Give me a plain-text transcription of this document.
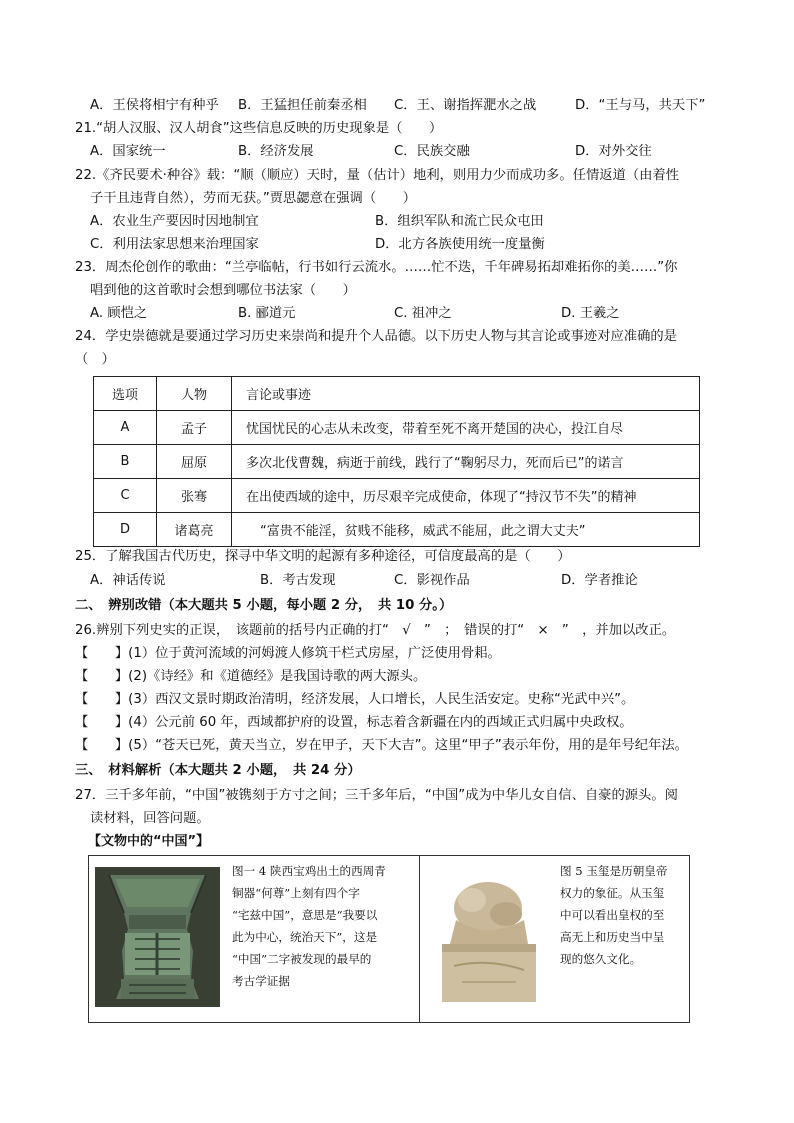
A．王侯将相宁有种乎 B．王猛担任前秦丞相 C．王、谢指挥淝水之战	D．“王与马，共天下”
21.“胡人汉服、汉人胡食”这些信息反映的历史现象是（　　）
A．国家统一	B．经济发展	C．民族交融	D．对外交往
22.《齐民要术·种谷》载：“顺（顺应）天时，量（估计）地利，则用力少而成功多。任情返道（由着性
子干且违背自然），劳而无获。”贾思勰意在强调（　　）
A．农业生产要因时因地制宜	B．组织军队和流亡民众屯田
C．利用法家思想来治理国家	D．北方各族使用统一度量衡
23．周杰伦创作的歌曲：“兰亭临帖，行书如行云流水。……忙不迭，千年碑易拓却难拓你的美……”你
唱到他的这首歌时会想到哪位书法家（　　）
A. 顾恺之	B. 郦道元	C. 祖冲之	D. 王羲之
24．学史崇德就是要通过学习历史来崇尚和提升个人品德。以下历史人物与其言论或事迹对应准确的是
（　）
选项	人物	言论或事迹
A	孟子	忧国忧民的心志从未改变，带着至死不离开楚国的决心，投江自尽
B	屈原	多次北伐曹魏，病逝于前线，践行了“鞠躬尽力，死而后已”的诺言
C	张骞	在出使西域的途中，历尽艰辛完成使命，体现了“持汉节不失”的精神
D	诸葛亮	“富贵不能淫，贫贱不能移，威武不能屈，此之谓大丈夫”
25．了解我国古代历史，探寻中华文明的起源有多种途径，可信度最高的是（　　）
A．神话传说	B．考古发现	C．影视作品	D．学者推论
二、　辨别改错（本大题共 5 小题，每小题 2 分，　共 10 分。）
26.辨别下列史实的正误，　该题前的括号内正确的打“　√　”　；　错误的打“　×　”　，并加以改正。
【　　】(1）位于黄河流域的河姆渡人修筑干栏式房屋，广泛使用骨耜。
【　　】(2)《诗经》和《道德经》是我国诗歌的两大源头。
【　　】(3）西汉文景时期政治清明，经济发展，人口增长，人民生活安定。史称“光武中兴”。
【　　】(4）公元前 60 年，西域都护府的设置，标志着含新疆在内的西域正式归属中央政权。
【　　】(5）“苍天已死，黄天当立，岁在甲子，天下大吉”。这里“甲子”表示年份，用的是年号纪年法。
三、　材料解析（本大题共 2 小题，　共 24 分）
27．三千多年前，“中国”被镌刻于方寸之间；三千多年后，“中国”成为中华儿女自信、自豪的源头。阅
读材料，回答问题。
【文物中的“中国”】
图一 4 陕西宝鸡出土的西周青
铜器“何尊”上刻有四个字
“宅兹中国”，意思是“我要以
此为中心，统治天下”，这是
“中国”二字被发现的最早的
考古学证据
图 5 玉玺是历朝皇帝
权力的象征。从玉玺
中可以看出皇权的至
高无上和历史当中呈
现的悠久文化。
